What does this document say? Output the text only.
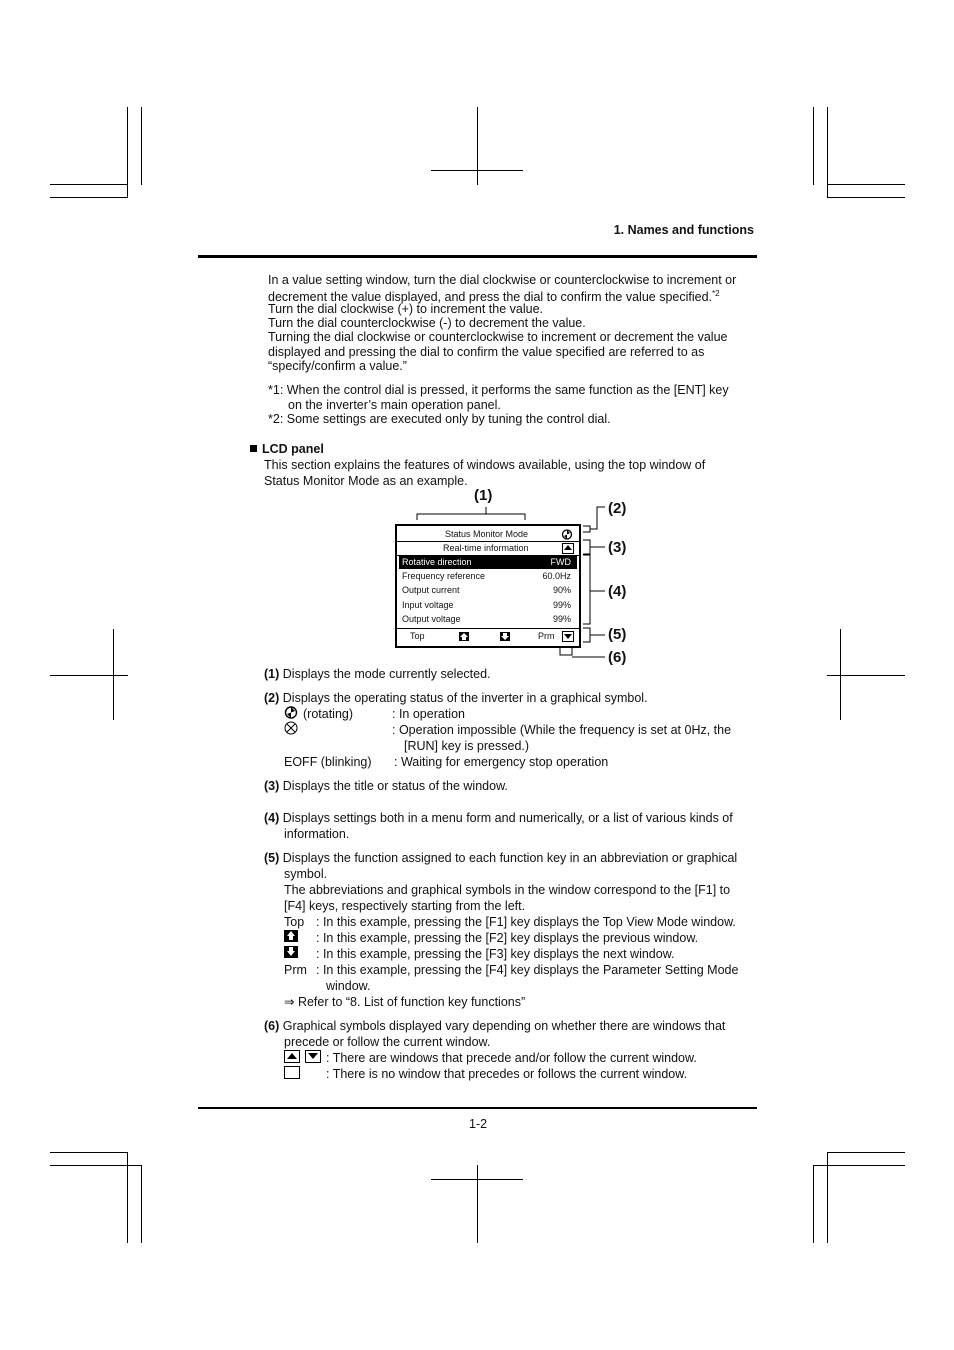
1. Names and functions
In a value setting window, turn the dial clockwise or counterclockwise to increment or
decrement the value displayed, and press the dial to confirm the value specified.$^{*2}$
Turn the dial clockwise (+) to increment the value.
Turn the dial counterclockwise (-) to decrement the value.
Turning the dial clockwise or counterclockwise to increment or decrement the value
displayed and pressing the dial to confirm the value specified are referred to as
“specify/confirm a value.”
*1: When the control dial is pressed, it performs the same function as the [ENT] key
on the inverter’s main operation panel.
*2: Some settings are executed only by tuning the control dial.
LCD panel
This section explains the features of windows available, using the top window of
Status Monitor Mode as an example.
(1)
(2)
(3)
(4)
(5)
(6)
Status Monitor Mode
Real-time information
Rotative direction	FWD
Frequency reference	60.0Hz
Output current	90%
Input voltage	99%
Output voltage	99%
Top	Prm
(1) Displays the mode currently selected.
(2) Displays the operating status of the inverter in a graphical symbol.
(rotating)	: In operation
: Operation impossible (While the frequency is set at 0Hz, the
[RUN] key is pressed.)
EOFF (blinking) : Waiting for emergency stop operation
(3) Displays the title or status of the window.
(4) Displays settings both in a menu form and numerically, or a list of various kinds of
information.
(5) Displays the function assigned to each function key in an abbreviation or graphical
symbol.
The abbreviations and graphical symbols in the window correspond to the [F1] to
[F4] keys, respectively starting from the left.
Top : In this example, pressing the [F1] key displays the Top View Mode window.
: In this example, pressing the [F2] key displays the previous window.
: In this example, pressing the [F3] key displays the next window.
Prm : In this example, pressing the [F4] key displays the Parameter Setting Mode
window.
⇒ Refer to “8. List of function key functions”
(6) Graphical symbols displayed vary depending on whether there are windows that
precede or follow the current window.
: There are windows that precede and/or follow the current window.
: There is no window that precedes or follows the current window.
1-2
